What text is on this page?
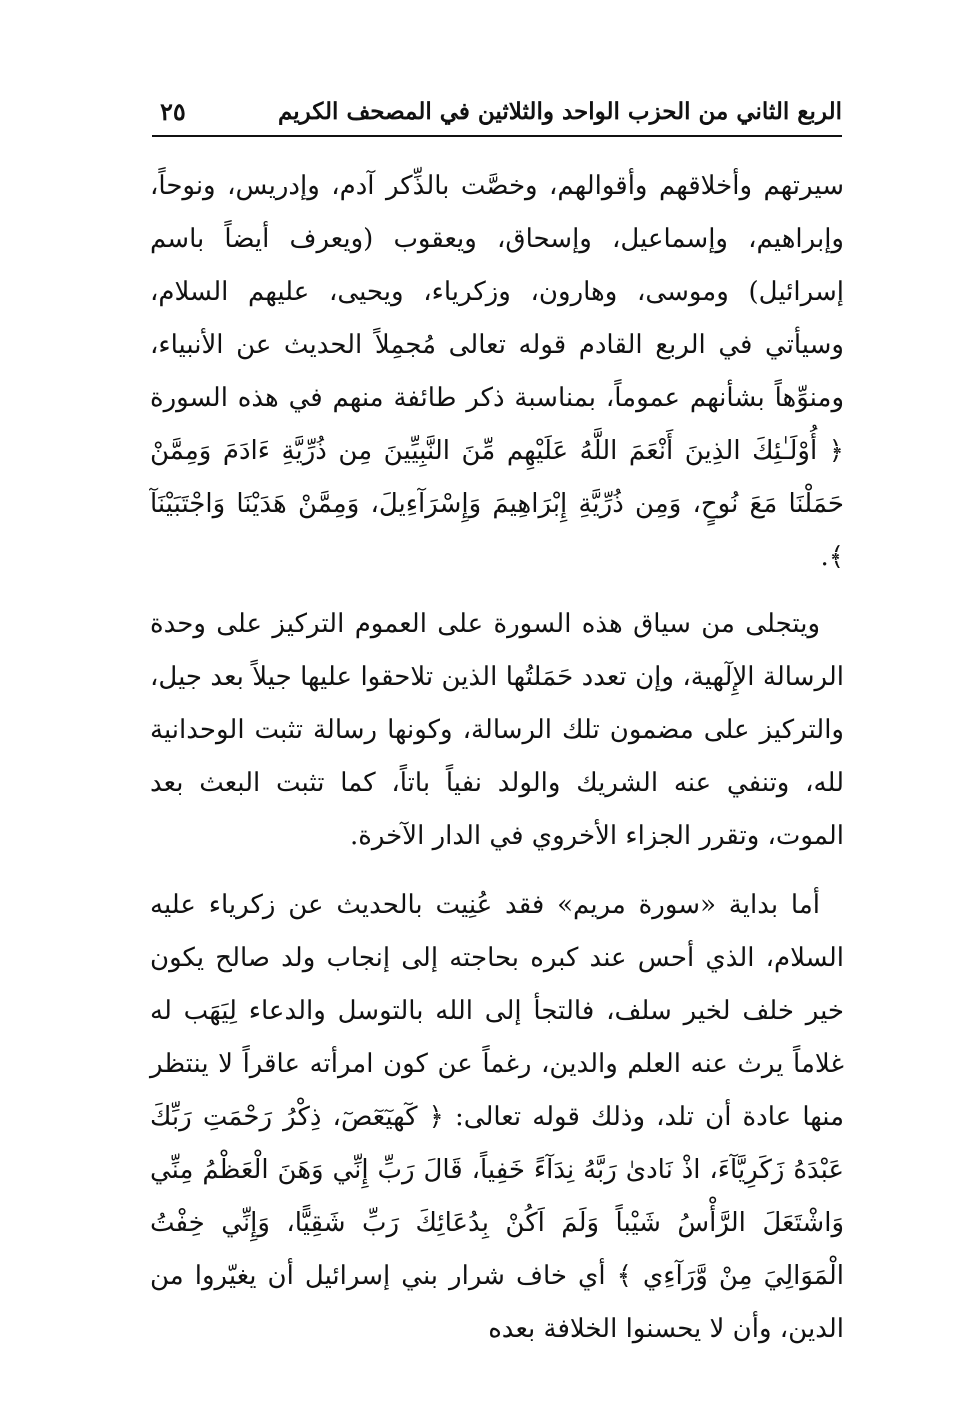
الربع الثاني من الحزب الواحد والثلاثين في المصحف الكريم
٢٥

سيرتهم وأخلاقهم وأقوالهم، وخصَّت بالذِّكر آدم، وإدريس، ونوحاً، وإبراهيم، وإسماعيل، وإسحاق، ويعقوب (ويعرف أيضاً باسم إسرائيل) وموسى، وهارون، وزكرياء، ويحيى، عليهم السلام، وسيأتي في الربع القادم قوله تعالى مُجمِلاً الحديث عن الأنبياء، ومنوِّهاً بشأنهم عموماً، بمناسبة ذكر طائفة منهم في هذه السورة ﴿ أُوْلَـٰئِكَ الذِينَ أَنْعَمَ اللَّهُ عَلَيْهِم مِّنَ النَّبِيِّينَ مِن ذُرِّيَّةِ ءَادَمَ وَمِمَّنْ حَمَلْنَا مَعَ نُوحٍ، وَمِن ذُرِّيَّةِ إِبْرَاهِيمَ وَإِسْرَآءِيلَ، وَمِمَّنْ هَدَيْنَا وَاجْتَبَيْنَآ ﴾.

ويتجلى من سياق هذه السورة على العموم التركيز على وحدة الرسالة الإِلٓهية، وإن تعدد حَمَلتُها الذين تلاحقوا عليها جيلاً بعد جيل، والتركيز على مضمون تلك الرسالة، وكونها رسالة تثبت الوحدانية لله، وتنفي عنه الشريك والولد نفياً باتاً، كما تثبت البعث بعد الموت، وتقرر الجزاء الأخروي في الدار الآخرة.

أما بداية «سورة مريم» فقد عُنِيت بالحديث عن زكرياء عليه السلام، الذي أحس عند كبره بحاجته إلى إنجاب ولد صالح يكون خير خلف لخير سلف، فالتجأ إلى الله بالتوسل والدعاء لِيَهَب له غلاماً يرث عنه العلم والدين، رغماً عن كون امرأته عاقراً لا ينتظر منها عادة أن تلد، وذلك قوله تعالى: ﴿ كٓهيٓعٓصٓ، ذِكْرُ رَحْمَتِ رَبِّكَ عَبْدَهُ زَكَرِيَّآءَ، اذْ نَادىٰ رَبَّهُ نِدَآءً خَفِياً، قَالَ رَبِّ إِنِّي وَهَنَ الْعَظْمُ مِنِّي وَاشْتَعَلَ الرَّأْسُ شَيْباً وَلَمَ اَكُنْ بِدُعَائِكَ رَبِّ شَقِيًّا، وَإِنِّي خِفْتُ الْمَوَالِيَ مِنْ وَّرَآءِي ﴾ أي خاف شرار بني إسرائيل أن يغيّروا من الدين، وأن لا يحسنوا الخلافة بعده
